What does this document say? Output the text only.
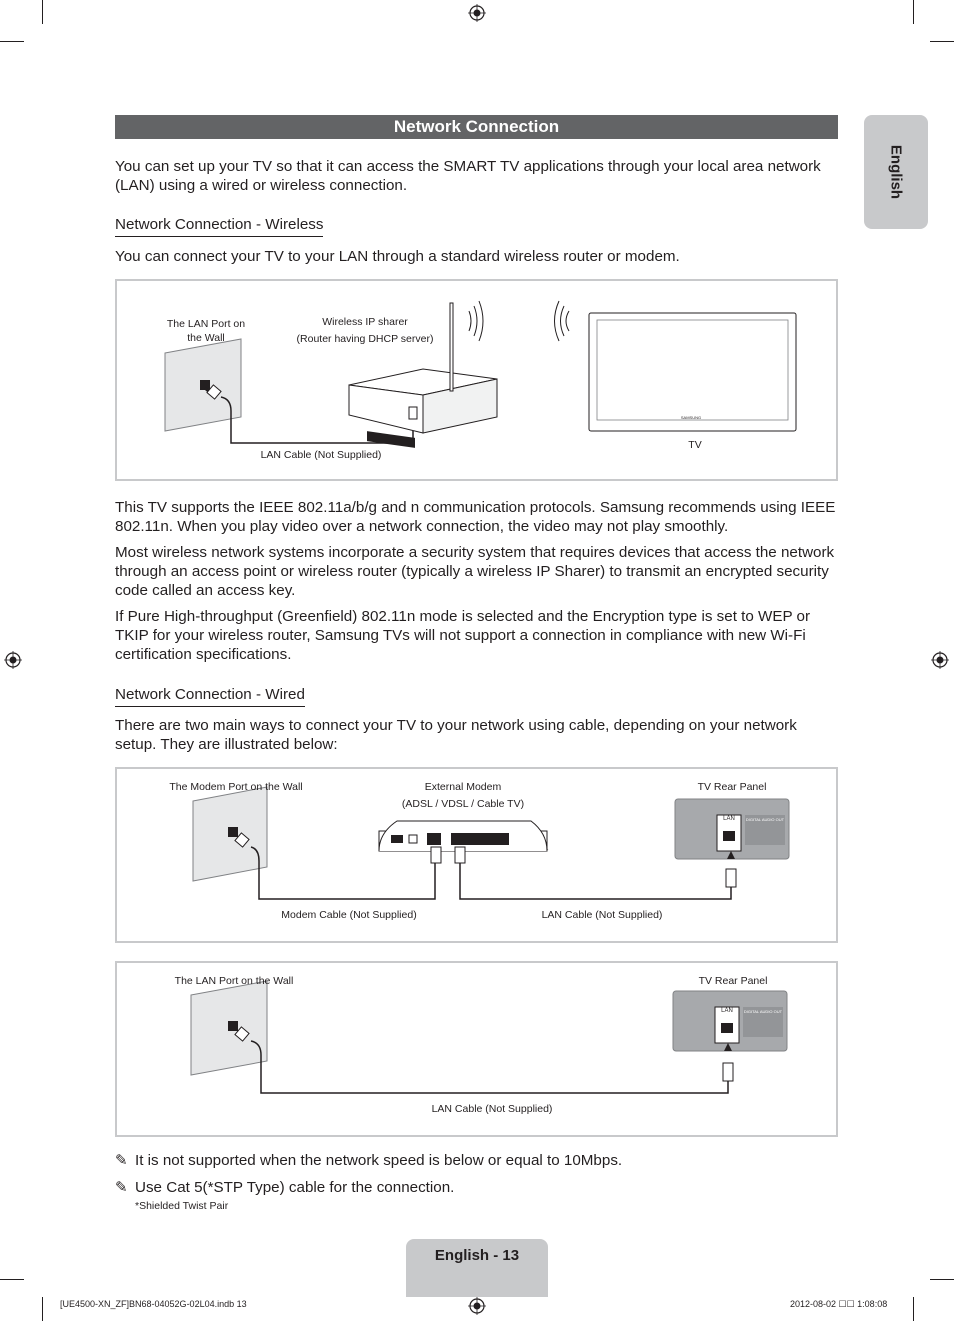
English
Network Connection

You can set up your TV so that it can access the SMART TV applications through your local area network (LAN) using a wired or wireless connection.

Network Connection - Wireless

You can connect your TV to your LAN through a standard wireless router or modem.

SAMSUNG
The LAN Port on
the Wall
Wireless IP sharer
(Router having DHCP server)
LAN Cable (Not Supplied)
TV

This TV supports the IEEE 802.11a/b/g and n communication protocols. Samsung recommends using IEEE 802.11n. When you play video over a network connection, the video may not play smoothly.

Most wireless network systems incorporate a security system that requires devices that access the network through an access point or wireless router (typically a wireless IP Sharer) to transmit an encrypted security code called an access key.

If Pure High-throughput (Greenfield) 802.11n mode is selected and the Encryption type is set to WEP or TKIP for your wireless router, Samsung TVs will not support a connection in compliance with new Wi-Fi certification specifications.

Network Connection - Wired

There are two main ways to connect your TV to your network using cable, depending on your network setup. They are illustrated below:

LAN	DIGITAL AUDIO OUT
The Modem Port on the Wall	External Modem
(ADSL / VDSL / Cable TV)
TV Rear Panel
Modem Cable (Not Supplied)	LAN Cable (Not Supplied)
LAN	DIGITAL AUDIO OUT
The LAN Port on the Wall	TV Rear Panel
LAN Cable (Not Supplied)
✎ It is not supported when the network speed is below or equal to 10Mbps.
✎ Use Cat 5(*STP Type) cable for the connection.
*Shielded Twist Pair
English - 13
[UE4500-XN_ZF]BN68-04052G-02L04.indb 13	2012-08-02 ☐☐ 1:08:08
